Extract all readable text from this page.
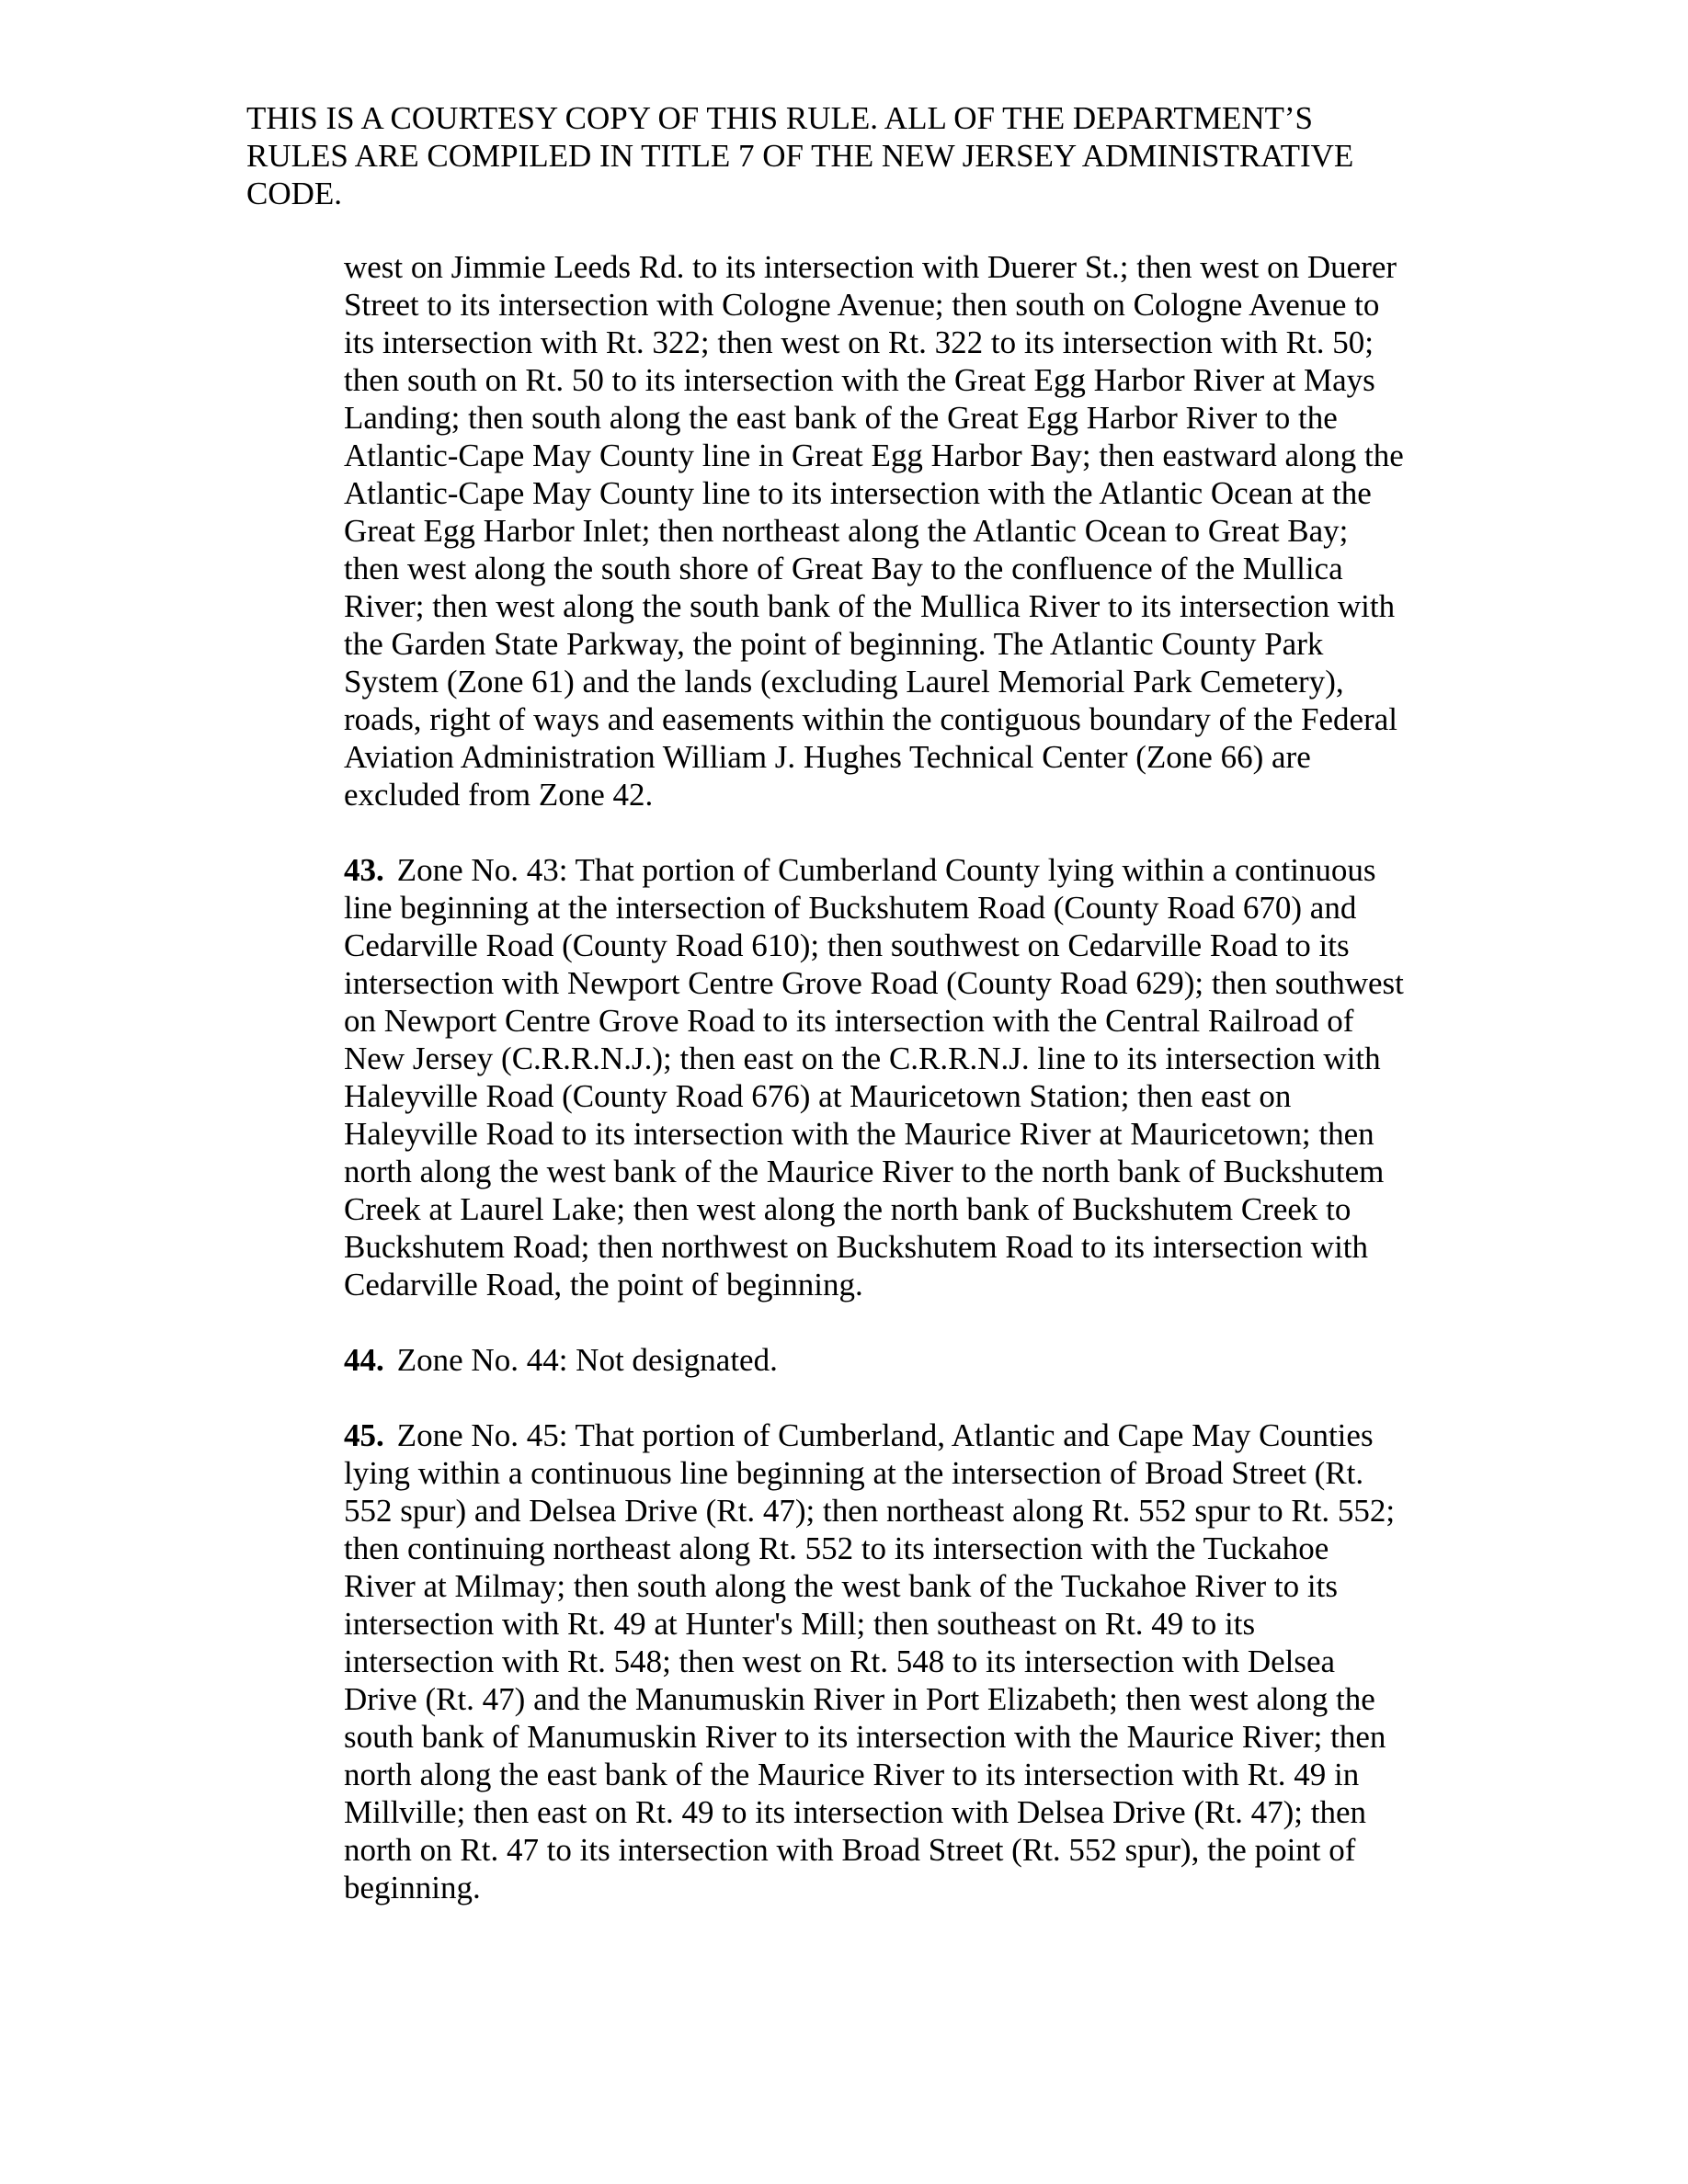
THIS IS A COURTESY COPY OF THIS RULE. ALL OF THE DEPARTMENT’S
RULES ARE COMPILED IN TITLE 7 OF THE NEW JERSEY ADMINISTRATIVE
CODE.

west on Jimmie Leeds Rd. to its intersection with Duerer St.; then west on Duerer
Street to its intersection with Cologne Avenue; then south on Cologne Avenue to
its intersection with Rt. 322; then west on Rt. 322 to its intersection with Rt. 50;
then south on Rt. 50 to its intersection with the Great Egg Harbor River at Mays
Landing; then south along the east bank of the Great Egg Harbor River to the
Atlantic-Cape May County line in Great Egg Harbor Bay; then eastward along the
Atlantic-Cape May County line to its intersection with the Atlantic Ocean at the
Great Egg Harbor Inlet; then northeast along the Atlantic Ocean to Great Bay;
then west along the south shore of Great Bay to the confluence of the Mullica
River; then west along the south bank of the Mullica River to its intersection with
the Garden State Parkway, the point of beginning. The Atlantic County Park
System (Zone 61) and the lands (excluding Laurel Memorial Park Cemetery),
roads, right of ways and easements within the contiguous boundary of the Federal
Aviation Administration William J. Hughes Technical Center (Zone 66) are
excluded from Zone 42.

43. Zone No. 43: That portion of Cumberland County lying within a continuous
line beginning at the intersection of Buckshutem Road (County Road 670) and
Cedarville Road (County Road 610); then southwest on Cedarville Road to its
intersection with Newport Centre Grove Road (County Road 629); then southwest
on Newport Centre Grove Road to its intersection with the Central Railroad of
New Jersey (C.R.R.N.J.); then east on the C.R.R.N.J. line to its intersection with
Haleyville Road (County Road 676) at Mauricetown Station; then east on
Haleyville Road to its intersection with the Maurice River at Mauricetown; then
north along the west bank of the Maurice River to the north bank of Buckshutem
Creek at Laurel Lake; then west along the north bank of Buckshutem Creek to
Buckshutem Road; then northwest on Buckshutem Road to its intersection with
Cedarville Road, the point of beginning.

44. Zone No. 44: Not designated.

45. Zone No. 45: That portion of Cumberland, Atlantic and Cape May Counties
lying within a continuous line beginning at the intersection of Broad Street (Rt.
552 spur) and Delsea Drive (Rt. 47); then northeast along Rt. 552 spur to Rt. 552;
then continuing northeast along Rt. 552 to its intersection with the Tuckahoe
River at Milmay; then south along the west bank of the Tuckahoe River to its
intersection with Rt. 49 at Hunter's Mill; then southeast on Rt. 49 to its
intersection with Rt. 548; then west on Rt. 548 to its intersection with Delsea
Drive (Rt. 47) and the Manumuskin River in Port Elizabeth; then west along the
south bank of Manumuskin River to its intersection with the Maurice River; then
north along the east bank of the Maurice River to its intersection with Rt. 49 in
Millville; then east on Rt. 49 to its intersection with Delsea Drive (Rt. 47); then
north on Rt. 47 to its intersection with Broad Street (Rt. 552 spur), the point of
beginning.
